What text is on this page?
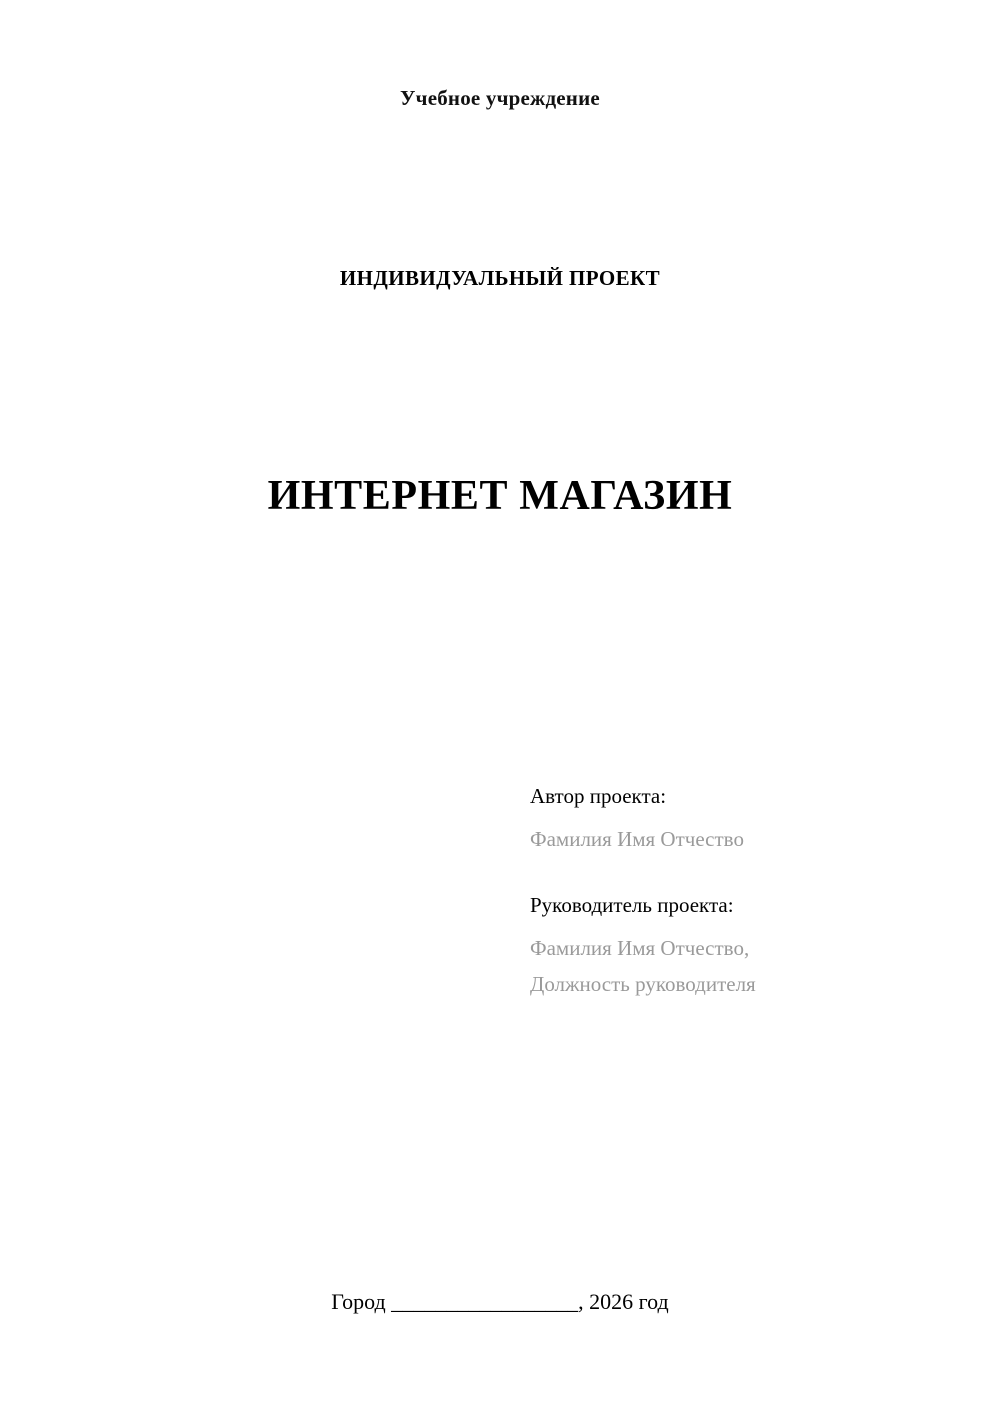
Учебное учреждение
ИНДИВИДУАЛЬНЫЙ ПРОЕКТ
ИНТЕРНЕТ МАГАЗИН
Автор проекта:
Фамилия Имя Отчество
Руководитель проекта:
Фамилия Имя Отчество,
Должность руководителя
Город _________________, 2026 год
